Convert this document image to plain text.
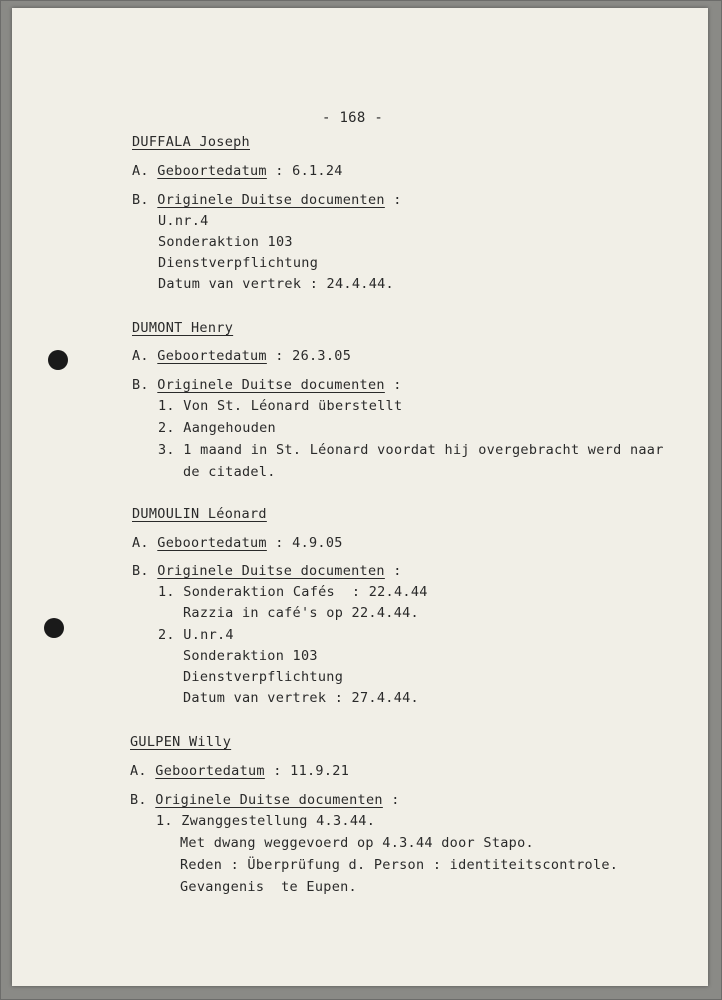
- 168 -
DUFFALA Joseph
A. Geboortedatum : 6.1.24
B. Originele Duitse documenten :
U.nr.4
Sonderaktion 103
Dienstverpflichtung
Datum van vertrek : 24.4.44.
DUMONT Henry
A. Geboortedatum : 26.3.05
B. Originele Duitse documenten :
1. Von St. Léonard überstellt
2. Aangehouden
3. 1 maand in St. Léonard voordat hij overgebracht werd naar
de citadel.
DUMOULIN Léonard
A. Geboortedatum : 4.9.05
B. Originele Duitse documenten :
1. Sonderaktion Cafés  : 22.4.44
Razzia in café's op 22.4.44.
2. U.nr.4
Sonderaktion 103
Dienstverpflichtung
Datum van vertrek : 27.4.44.
GULPEN Willy
A. Geboortedatum : 11.9.21
B. Originele Duitse documenten :
1. Zwanggestellung 4.3.44.
Met dwang weggevoerd op 4.3.44 door Stapo.
Reden : Überprüfung d. Person : identiteitscontrole.
Gevangenis  te Eupen.
